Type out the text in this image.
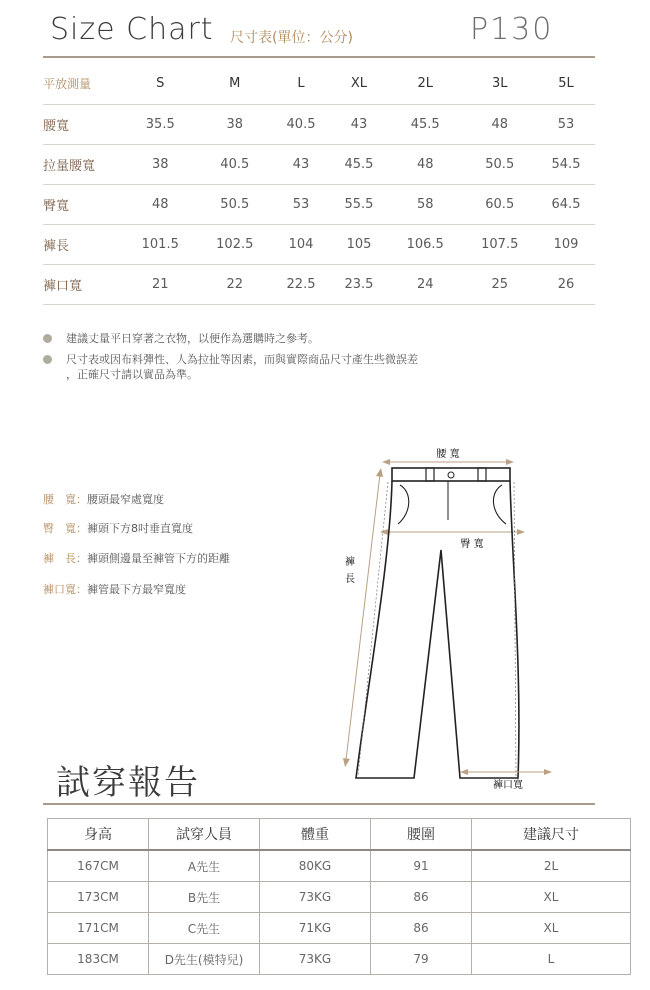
Size Chart 尺寸表(單位：公分)	P130
平放測量	S	M	L	XL	2L	3L	5L
腰寬	35.5	38	40.5	43	45.5	48	53
拉量腰寬	38	40.5	43	45.5	48	50.5	54.5
臀寬	48	50.5	53	55.5	58	60.5	64.5
褲長	101.5	102.5	104	105	106.5	107.5	109
褲口寬	21	22	22.5	23.5	24	25	26
建議丈量平日穿著之衣物，以便作為選購時之參考。
尺寸表或因布料彈性、人為拉扯等因素，而與實際商品尺寸產生些微誤差
，正確尺寸請以實品為準。
腰　寬：腰頭最窄處寬度
臀　寬：褲頭下方8吋垂直寬度
褲　長：褲頭側邊量至褲管下方的距離
褲口寬：褲管最下方最窄寬度
腰 寬
褲
長
臀 寬
褲口寬
試穿報告
身高	試穿人員	體重	腰圍	建議尺寸
167CM	A先生	80KG	91	2L
173CM	B先生	73KG	86	XL
171CM	C先生	71KG	86	XL
183CM	D先生(模特兒)	73KG	79	L
